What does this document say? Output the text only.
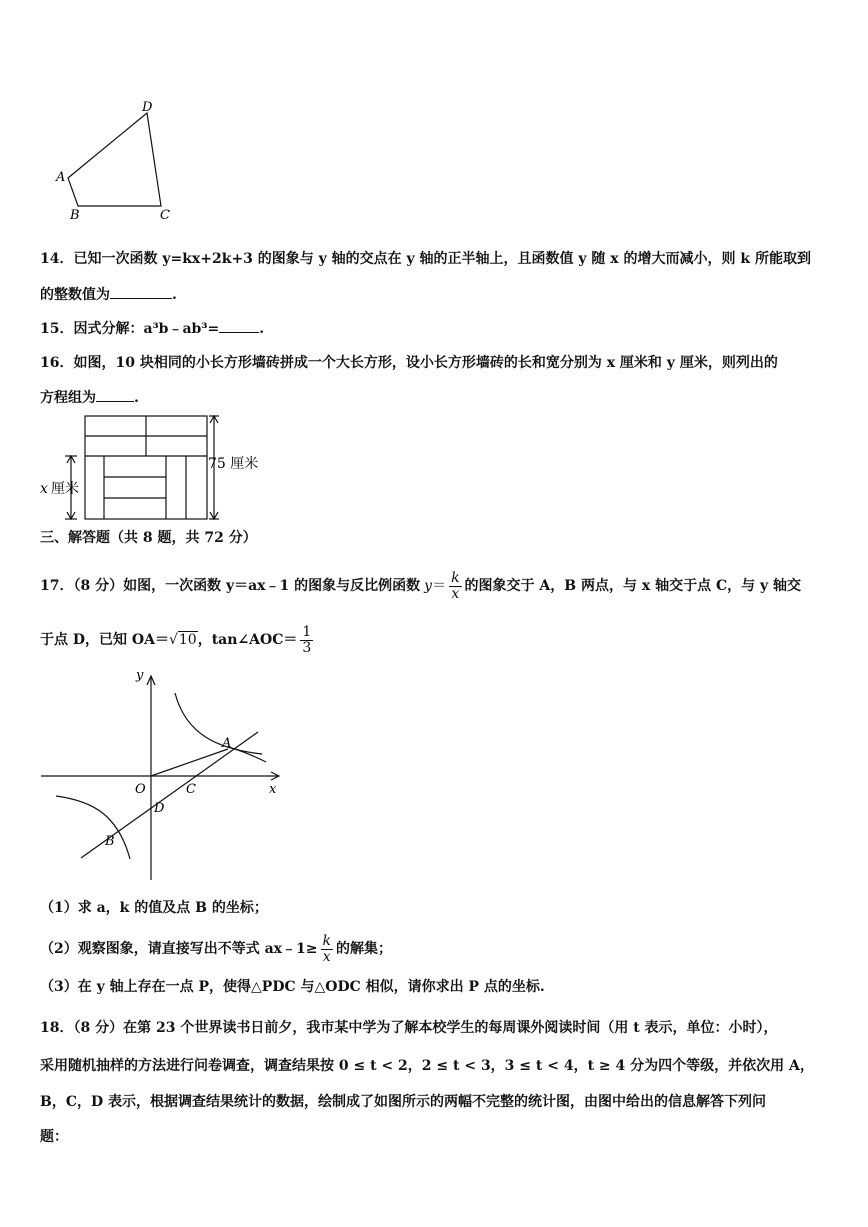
D
A
B	C
14．已知一次函数 y=kx+2k+3 的图象与 y 轴的交点在 y 轴的正半轴上，且函数值 y 随 x 的增大而减小，则 k 所能取到
的整数值为	.
15．因式分解：a³b﹣ab³=	.
16．如图，10 块相同的小长方形墙砖拼成一个大长方形，设小长方形墙砖的长和宽分别为 x 厘米和 y 厘米，则列出的
方程组为	.
75 厘米
x 厘米
三、解答题（共 8 题，共 72 分）
17．（8 分）如图，一次函数 y＝ax﹣1 的图象与反比例函数 $y = \frac{k}{x}$ 的图象交于 A，B 两点，与 x 轴交于点 C，与 y 轴交
于点 D，已知 OA＝ √10 ，tan∠AOC＝ $\frac{1}{3}$
y
x
O	C
D
A
B
（1）求 a，k 的值及点 B 的坐标；
（2）观察图象，请直接写出不等式 ax﹣1≥ $\frac{k}{x}$ 的解集；
（3）在 y 轴上存在一点 P，使得△PDC 与△ODC 相似，请你求出 P 点的坐标.
18．（8 分）在第 23 个世界读书日前夕，我市某中学为了解本校学生的每周课外阅读时间（用 t 表示，单位：小时），
采用随机抽样的方法进行问卷调查，调查结果按 0 ≤ t < 2，2 ≤ t < 3，3 ≤ t < 4，t ≥ 4 分为四个等级，并依次用 A，
B，C，D 表示，根据调查结果统计的数据，绘制成了如图所示的两幅不完整的统计图，由图中给出的信息解答下列问
题：
